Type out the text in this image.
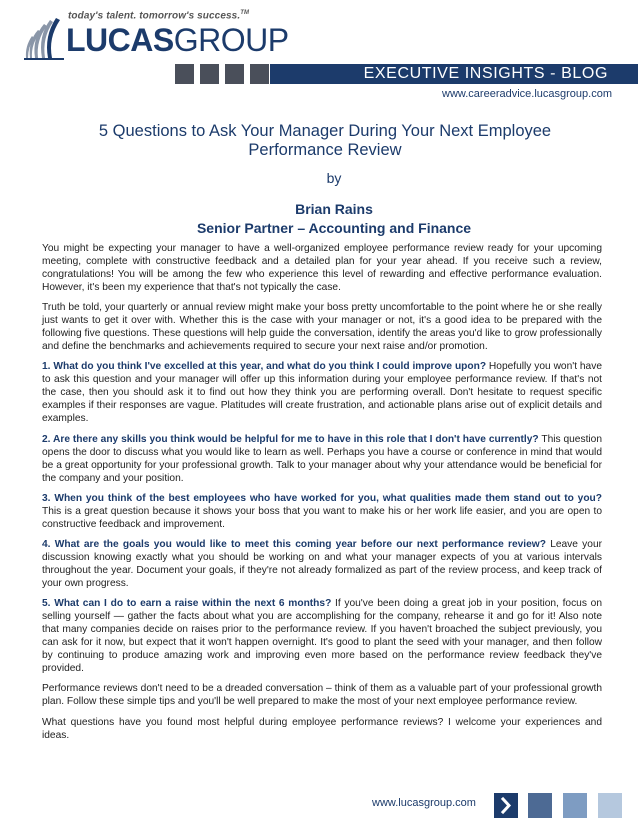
today's talent. tomorrow's success.™
LUCASGROUP
EXECUTIVE INSIGHTS - BLOG
www.careeradvice.lucasgroup.com
5 Questions to Ask Your Manager During Your Next Employee Performance Review
by
Brian Rains
Senior Partner – Accounting and Finance

You might be expecting your manager to have a well-organized employee performance review ready for your upcoming meeting, complete with constructive feedback and a detailed plan for your year ahead. If you receive such a review, congratulations! You will be among the few who experience this level of rewarding and effective performance evaluation. However, it's been my experience that that's not typically the case.

Truth be told, your quarterly or annual review might make your boss pretty uncomfortable to the point where he or she really just wants to get it over with. Whether this is the case with your manager or not, it's a good idea to be prepared with the following five questions. These questions will help guide the conversation, identify the areas you'd like to grow professionally and define the benchmarks and achievements required to secure your next raise and/or promotion.

1. What do you think I've excelled at this year, and what do you think I could improve upon? Hopefully you won't have to ask this question and your manager will offer up this information during your employee performance review. If that's not the case, then you should ask it to find out how they think you are performing overall. Don't hesitate to request specific examples if their responses are vague. Platitudes will create frustration, and actionable plans arise out of explicit details and examples.

2. Are there any skills you think would be helpful for me to have in this role that I don't have currently? This question opens the door to discuss what you would like to learn as well. Perhaps you have a course or conference in mind that would be a great opportunity for your professional growth. Talk to your manager about why your attendance would be beneficial for the company and your position.

3. When you think of the best employees who have worked for you, what qualities made them stand out to you? This is a great question because it shows your boss that you want to make his or her work life easier, and you are open to constructive feedback and improvement.

4. What are the goals you would like to meet this coming year before our next performance review? Leave your discussion knowing exactly what you should be working on and what your manager expects of you at various intervals throughout the year. Document your goals, if they're not already formalized as part of the review process, and keep track of your own progress.

5. What can I do to earn a raise within the next 6 months? If you've been doing a great job in your position, focus on selling yourself — gather the facts about what you are accomplishing for the company, rehearse it and go for it! Also note that many companies decide on raises prior to the performance review. If you haven't broached the subject previously, you can ask for it now, but expect that it won't happen overnight. It's good to plant the seed with your manager, and then follow by continuing to produce amazing work and improving even more based on the performance review feedback they've provided.

Performance reviews don't need to be a dreaded conversation – think of them as a valuable part of your professional growth plan. Follow these simple tips and you'll be well prepared to make the most of your next employee performance review.

What questions have you found most helpful during employee performance reviews? I welcome your experiences and ideas.

www.lucasgroup.com
